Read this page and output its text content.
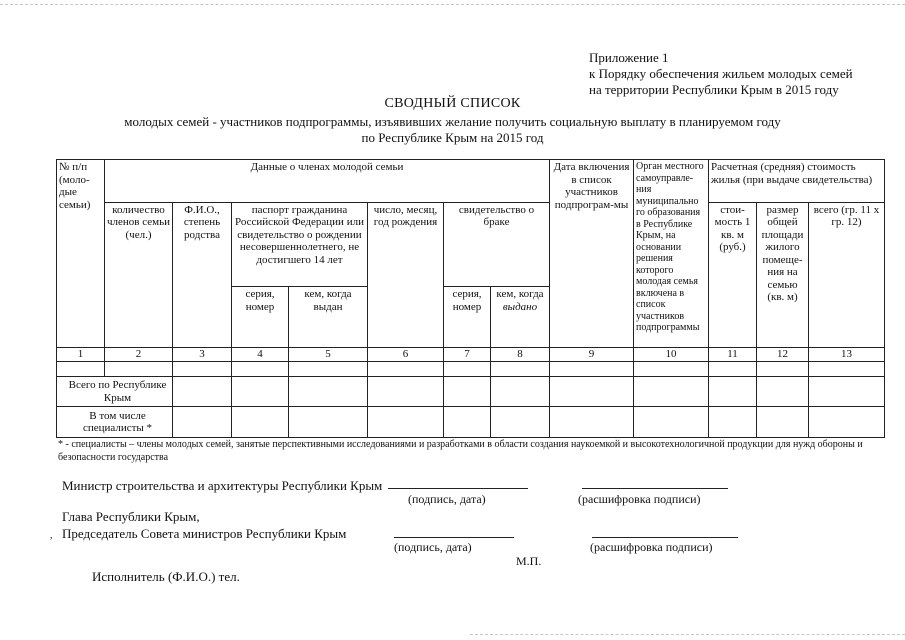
Приложение 1
к Порядку обеспечения жильем молодых семей
на территории Республики Крым в 2015 году
СВОДНЫЙ СПИСОК
молодых семей - участников подпрограммы, изъявивших желание получить социальную выплату в планируемом году
по Республике Крым на 2015 год
№ п/п (моло-дые семьи)	Данные о членах молодой семьи							Дата включения в список участников подпрограм-мы	Орган местного самоуправле-ния муниципально го образования в Республике Крым, на основании решения которого молодая семья включена в список участников подпрограммы	Расчетная (средняя) стоимость жилья (при выдаче свидетельства)		
	количество членов семьи (чел.)	Ф.И.О., степень родства	паспорт гражданина Российской Федерации или свидетельство о рождении несовершеннолетнего, не достигшего 14 лет		число, месяц, год рождения	свидетельство о браке				стои-мость 1 кв. м (руб.)	размер общей площади жилого помеще-ния на семью (кв. м)	всего (гр. 11 х гр. 12)
			серия, номер	кем, когда выдан		серия, номер	кем, когда
выдано					
1	2	3	4	5	6	7	8	9	10	11	12	13

Всего по Республике Крым												
В том числе специалисты *												
* - специалисты – члены молодых семей, занятые перспективными исследованиями и разработками в области создания наукоемкой и высокотехнологичной продукции для нужд обороны и безопасности государства
Министр строительства и архитектуры Республики Крым
(подпись, дата)	(расшифровка подписи)
Глава Республики Крым,
Председатель Совета министров Республики Крым
,
(подпись, дата)	(расшифровка подписи)
М.П.
Исполнитель (Ф.И.О.) тел.
